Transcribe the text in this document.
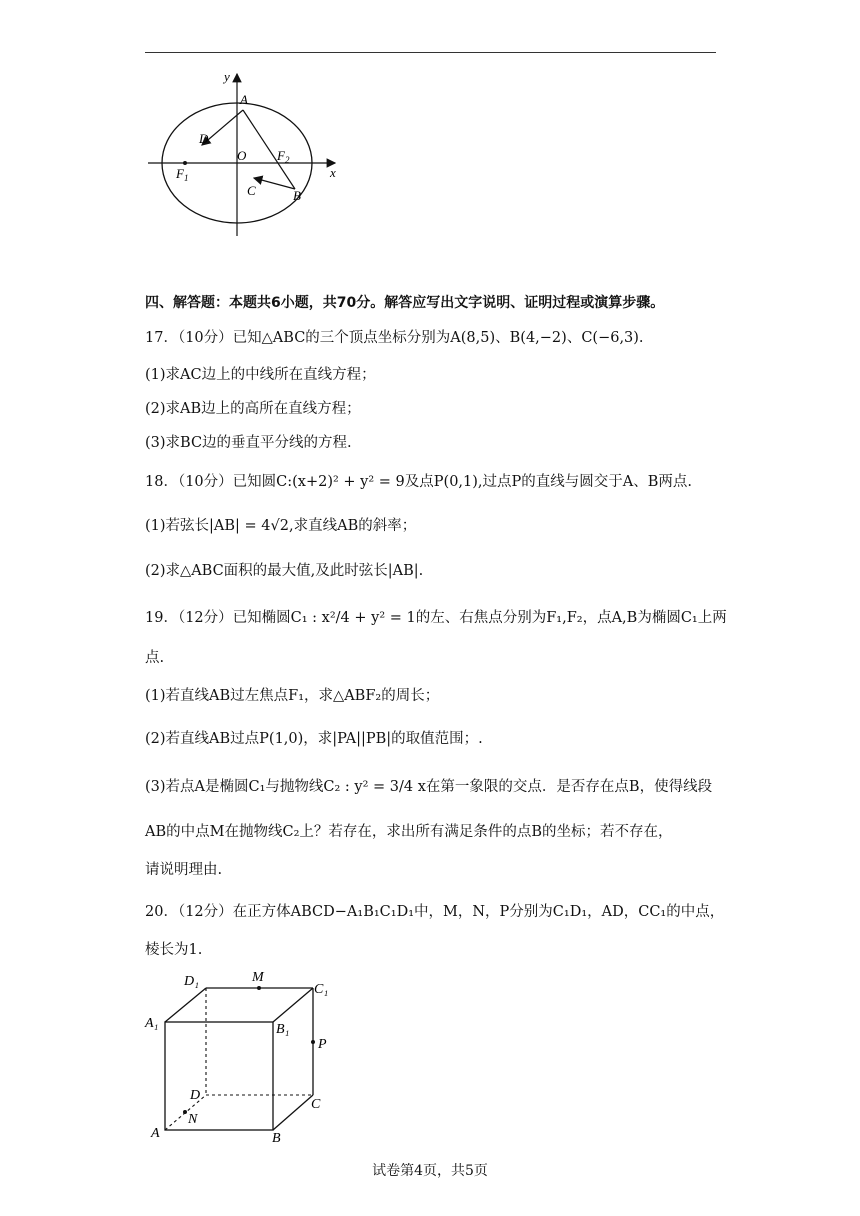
y
x
A
D
O $F_2$
$F_1$
C	B
四、解答题：本题共6小题，共70分。解答应写出文字说明、证明过程或演算步骤。
17．（10分）已知△ABC的三个顶点坐标分别为A(8,5)、B(4,−2)、C(−6,3).
(1)求AC边上的中线所在直线方程；
(2)求AB边上的高所在直线方程；
(3)求BC边的垂直平分线的方程.
18．（10分）已知圆C:(x+2)² + y² = 9及点P(0,1),过点P的直线与圆交于A、B两点.
(1)若弦长|AB| = 4√2,求直线AB的斜率；
(2)求△ABC面积的最大值,及此时弦长|AB|.
19．（12分）已知椭圆C₁ : x²/4 + y² = 1的左、右焦点分别为F₁,F₂，点A,B为椭圆C₁上两
点.
(1)若直线AB过左焦点F₁，求△ABF₂的周长；
(2)若直线AB过点P(1,0)，求|PA||PB|的取值范围；.
(3)若点A是椭圆C₁与抛物线C₂ : y² = 3/4 x在第一象限的交点．是否存在点B，使得线段
AB的中点M在抛物线C₂上？若存在，求出所有满足条件的点B的坐标；若不存在，
请说明理由.
20．（12分）在正方体ABCD−A₁B₁C₁D₁中，M，N，P分别为C₁D₁，AD，CC₁的中点，
棱长为1.
D₁	M
C₁
A₁	B₁
P
D
C
N
A	B
试卷第4页，共5页
